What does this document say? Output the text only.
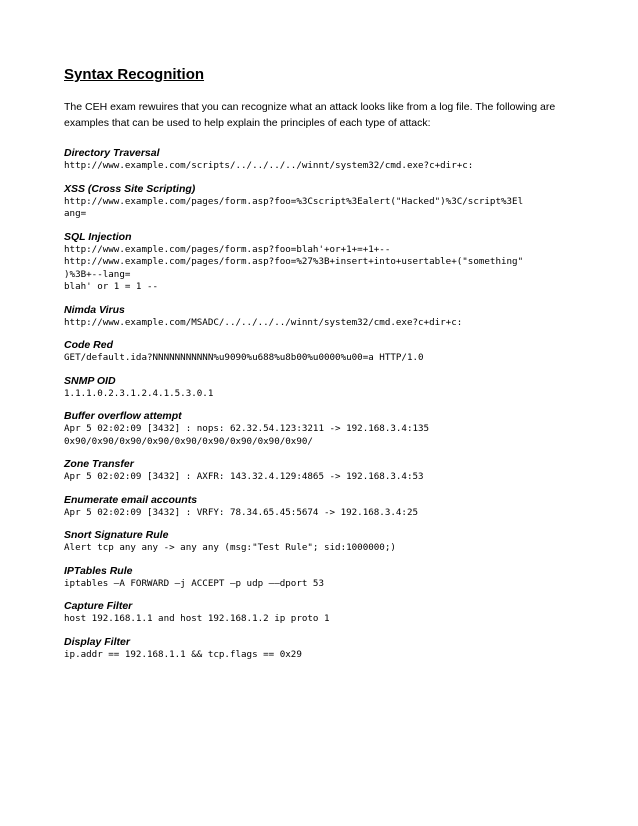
Syntax Recognition
The CEH exam rewuires that you can recognize what an attack looks like from a log file. The following are
examples that can be used to help explain the principles of each type of attack:
Directory Traversal
http://www.example.com/scripts/../../../../winnt/system32/cmd.exe?c+dir+c:
XSS (Cross Site Scripting)
http://www.example.com/pages/form.asp?foo=%3Cscript%3Ealert("Hacked")%3C/script%3El
ang=
SQL Injection
http://www.example.com/pages/form.asp?foo=blah'+or+1+=+1+--
http://www.example.com/pages/form.asp?foo=%27%3B+insert+into+usertable+("something"
)%3B+--lang=
blah' or 1 = 1 --
Nimda Virus
http://www.example.com/MSADC/../../../../winnt/system32/cmd.exe?c+dir+c:
Code Red
GET/default.ida?NNNNNNNNNNN%u9090%u688%u8b00%u0000%u00=a HTTP/1.0
SNMP OID
1.1.1.0.2.3.1.2.4.1.5.3.0.1
Buffer overflow attempt
Apr 5 02:02:09 [3432] : nops: 62.32.54.123:3211 -> 192.168.3.4:135
0x90/0x90/0x90/0x90/0x90/0x90/0x90/0x90/0x90/
Zone Transfer
Apr 5 02:02:09 [3432] : AXFR: 143.32.4.129:4865 -> 192.168.3.4:53
Enumerate email accounts
Apr 5 02:02:09 [3432] : VRFY: 78.34.65.45:5674 -> 192.168.3.4:25
Snort Signature Rule
Alert tcp any any -> any any (msg:"Test Rule"; sid:1000000;)
IPTables Rule
iptables —A FORWARD —j ACCEPT —p udp ——dport 53
Capture Filter
host 192.168.1.1 and host 192.168.1.2 ip proto 1
Display Filter
ip.addr == 192.168.1.1 && tcp.flags == 0x29
